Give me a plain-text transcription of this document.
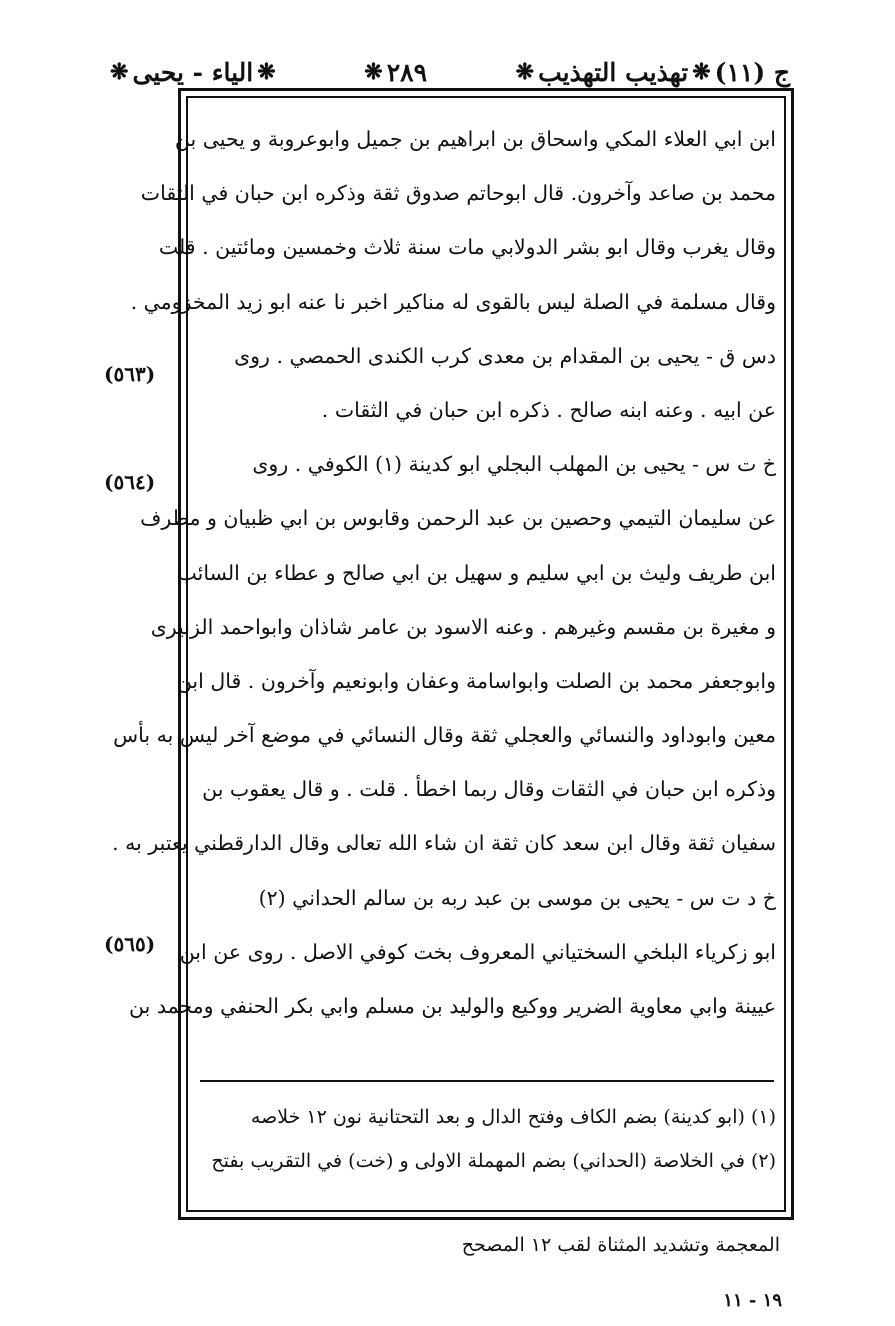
ج (١١)
❋
تهذيب التهذيب
❋
٢٨٩
❋
❋
الياء - يحيى
❋
ابن ابي العلاء المكي واسحاق بن ابراهيم بن جميل وابوعروبة و يحيى بن
محمد بن صاعد وآخرون. قال ابوحاتم صدوق ثقة وذكره ابن حبان في الثقات
وقال يغرب وقال ابو بشر الدولابي مات سنة ثلاث وخمسين ومائتين . قلت
وقال مسلمة في الصلة ليس بالقوى له مناكير اخبر نا عنه ابو زيد المخزومي .
دس ق - يحيى بن المقدام بن معدى كرب الكندى الحمصي . روى
عن ابيه . وعنه ابنه صالح . ذكره ابن حبان في الثقات .
خ ت س - يحيى بن المهلب البجلي ابو كدينة (١) الكوفي . روى
عن سليمان التيمي وحصين بن عبد الرحمن وقابوس بن ابي ظبيان و مطرف
ابن طريف وليث بن ابي سليم و سهيل بن ابي صالح و عطاء بن السائب
و مغيرة بن مقسم وغيرهم . وعنه الاسود بن عامر شاذان وابواحمد الزبيرى
وابوجعفر محمد بن الصلت وابواسامة وعفان وابونعيم وآخرون . قال ابن
معين وابوداود والنسائي والعجلي ثقة وقال النسائي في موضع آخر ليس به بأس
وذكره ابن حبان في الثقات وقال ربما اخطأ . قلت . و قال يعقوب بن
سفيان ثقة وقال ابن سعد كان ثقة ان شاء الله تعالى وقال الدارقطني يعتبر به .
خ د ت س - يحيى بن موسى بن عبد ربه بن سالم الحداني (٢)
ابو زكرياء البلخي السختياني المعروف بخت كوفي الاصل . روى عن ابن
عيينة وابي معاوية الضرير ووكيع والوليد بن مسلم وابي بكر الحنفي ومحمد بن
(٥٦٣)
(٥٦٤)
(٥٦٥)
(١) (ابو كدينة) بضم الكاف وفتح الدال و بعد التحتانية نون ١٢ خلاصه
(٢) في الخلاصة (الحداني) بضم المهملة الاولى و (خت) في التقريب بفتح
المعجمة وتشديد المثناة لقب ١٢ المصحح
١٩ - ١١
